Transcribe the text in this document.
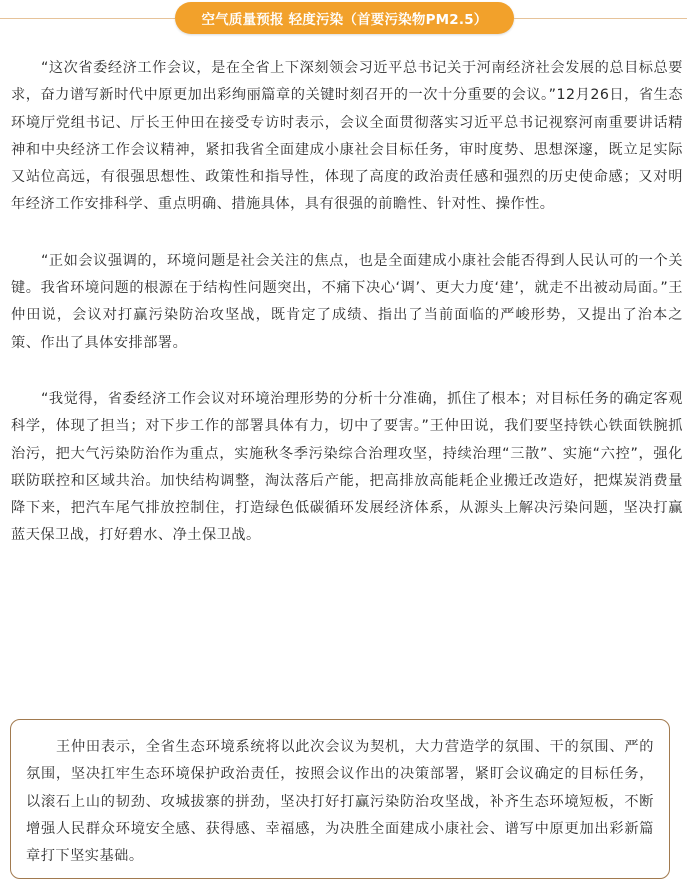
空气质量预报 轻度污染（首要污染物PM2.5）

“这次省委经济工作会议，是在全省上下深刻领会习近平总书记关于河南经济社会发展的总目标总要求，奋力谱写新时代中原更加出彩绚丽篇章的关键时刻召开的一次十分重要的会议。”12月26日，省生态环境厅党组书记、厅长王仲田在接受专访时表示，会议全面贯彻落实习近平总书记视察河南重要讲话精神和中央经济工作会议精神，紧扣我省全面建成小康社会目标任务，审时度势、思想深邃，既立足实际又站位高远，有很强思想性、政策性和指导性，体现了高度的政治责任感和强烈的历史使命感；又对明年经济工作安排科学、重点明确、措施具体，具有很强的前瞻性、针对性、操作性。

“正如会议强调的，环境问题是社会关注的焦点，也是全面建成小康社会能否得到人民认可的一个关键。我省环境问题的根源在于结构性问题突出，不痛下决心‘调’、更大力度‘建’，就走不出被动局面。”王仲田说，会议对打赢污染防治攻坚战，既肯定了成绩、指出了当前面临的严峻形势，又提出了治本之策、作出了具体安排部署。

“我觉得，省委经济工作会议对环境治理形势的分析十分准确，抓住了根本；对目标任务的确定客观科学，体现了担当；对下步工作的部署具体有力，切中了要害。”王仲田说，我们要坚持铁心铁面铁腕抓治污，把大气污染防治作为重点，实施秋冬季污染综合治理攻坚，持续治理“三散”、实施“六控”，强化联防联控和区域共治。加快结构调整，淘汰落后产能，把高排放高能耗企业搬迁改造好，把煤炭消费量降下来，把汽车尾气排放控制住，打造绿色低碳循环发展经济体系，从源头上解决污染问题，坚决打赢蓝天保卫战，打好碧水、净土保卫战。

王仲田表示，全省生态环境系统将以此次会议为契机，大力营造学的氛围、干的氛围、严的氛围，坚决扛牢生态环境保护政治责任，按照会议作出的决策部署，紧盯会议确定的目标任务，以滚石上山的韧劲、攻城拔寨的拼劲，坚决打好打赢污染防治攻坚战，补齐生态环境短板，不断增强人民群众环境安全感、获得感、幸福感，为决胜全面建成小康社会、谱写中原更加出彩新篇章打下坚实基础。
